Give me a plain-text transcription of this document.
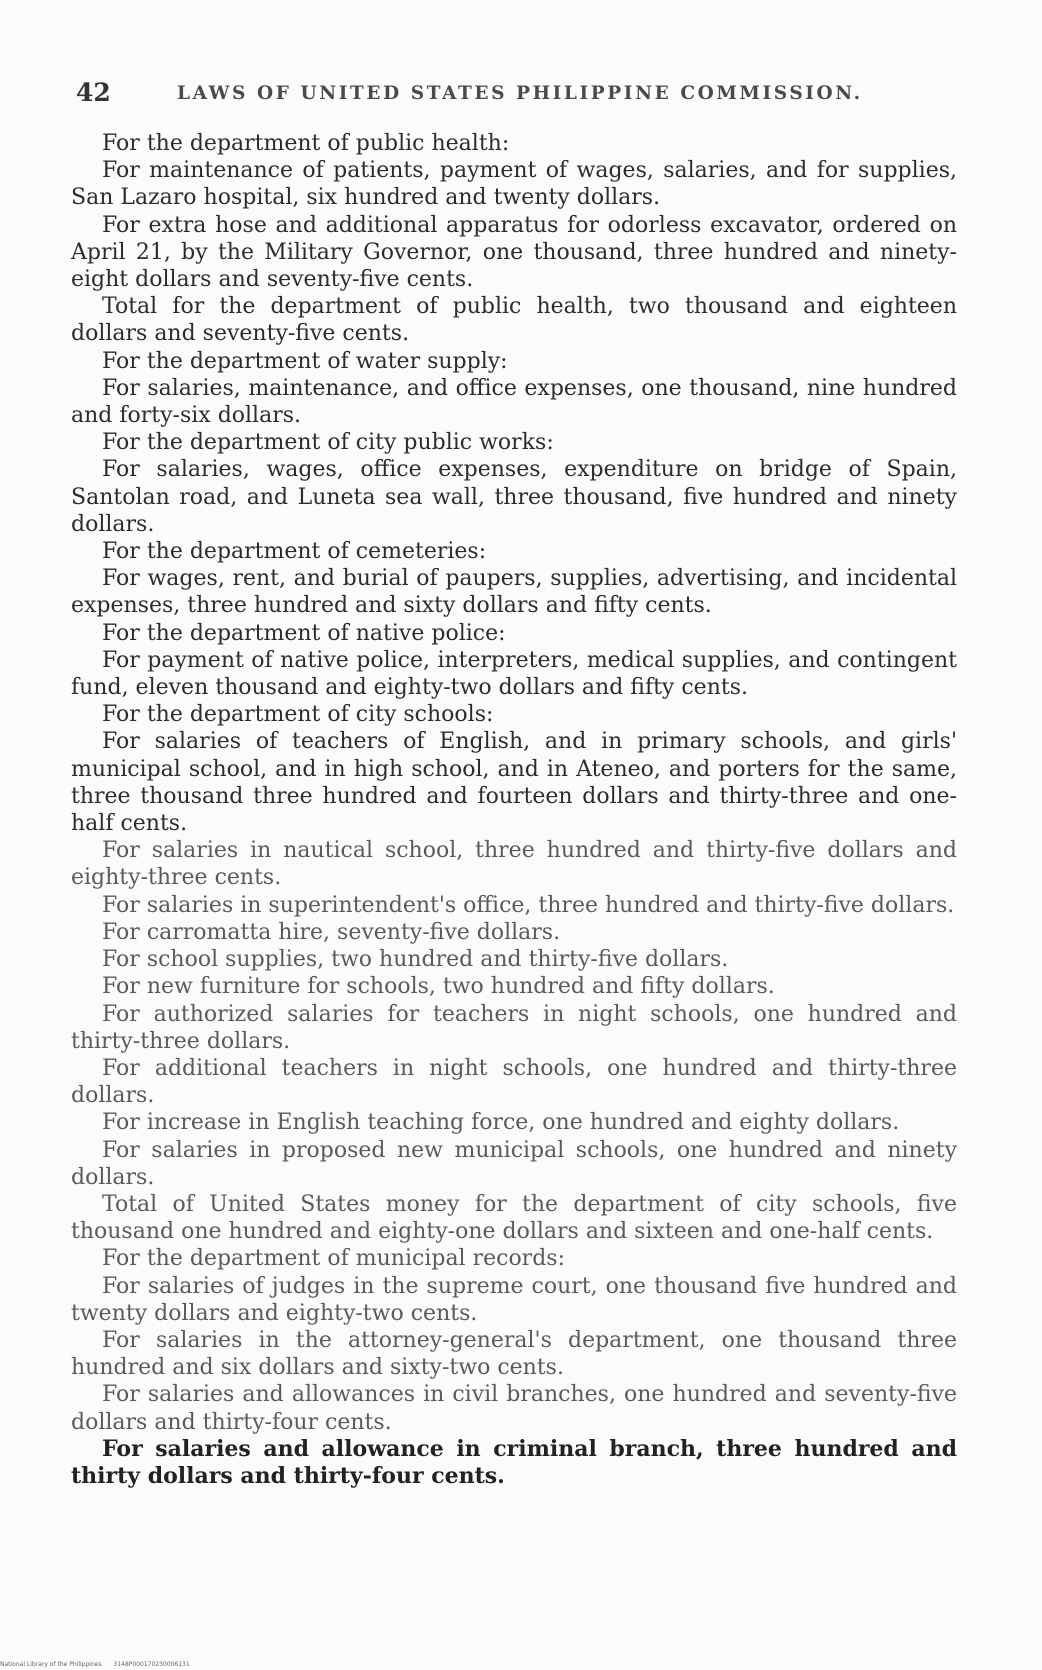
42	LAWS OF UNITED STATES PHILIPPINE COMMISSION.

For the department of public health:

For maintenance of patients, payment of wages, salaries, and for supplies, San Lazaro hospital, six hundred and twenty dollars.

For extra hose and additional apparatus for odorless excavator, ordered on April 21, by the Military Governor, one thousand, three hundred and ninety-eight dollars and seventy-five cents.

Total for the department of public health, two thousand and eighteen dollars and seventy-five cents.

For the department of water supply:

For salaries, maintenance, and office expenses, one thousand, nine hundred and forty-six dollars.

For the department of city public works:

For salaries, wages, office expenses, expenditure on bridge of Spain, Santolan road, and Luneta sea wall, three thousand, five hundred and ninety dollars.

For the department of cemeteries:

For wages, rent, and burial of paupers, supplies, advertising, and incidental expenses, three hundred and sixty dollars and fifty cents.

For the department of native police:

For payment of native police, interpreters, medical supplies, and contingent fund, eleven thousand and eighty-two dollars and fifty cents.

For the department of city schools:

For salaries of teachers of English, and in primary schools, and girls' municipal school, and in high school, and in Ateneo, and porters for the same, three thousand three hundred and fourteen dollars and thirty-three and one-half cents.

For salaries in nautical school, three hundred and thirty-five dollars and eighty-three cents.

For salaries in superintendent's office, three hundred and thirty-five dollars.

For carromatta hire, seventy-five dollars.

For school supplies, two hundred and thirty-five dollars.

For new furniture for schools, two hundred and fifty dollars.

For authorized salaries for teachers in night schools, one hundred and thirty-three dollars.

For additional teachers in night schools, one hundred and thirty-three dollars.

For increase in English teaching force, one hundred and eighty dollars.

For salaries in proposed new municipal schools, one hundred and ninety dollars.

Total of United States money for the department of city schools, five thousand one hundred and eighty-one dollars and sixteen and one-half cents.

For the department of municipal records:

For salaries of judges in the supreme court, one thousand five hundred and twenty dollars and eighty-two cents.

For salaries in the attorney-general's department, one thousand three hundred and six dollars and sixty-two cents.

For salaries and allowances in civil branches, one hundred and seventy-five dollars and thirty-four cents.

For salaries and allowance in criminal branch, three hundred and thirty dollars and thirty-four cents.

National Library of the Philippines 3148P000170230006131
